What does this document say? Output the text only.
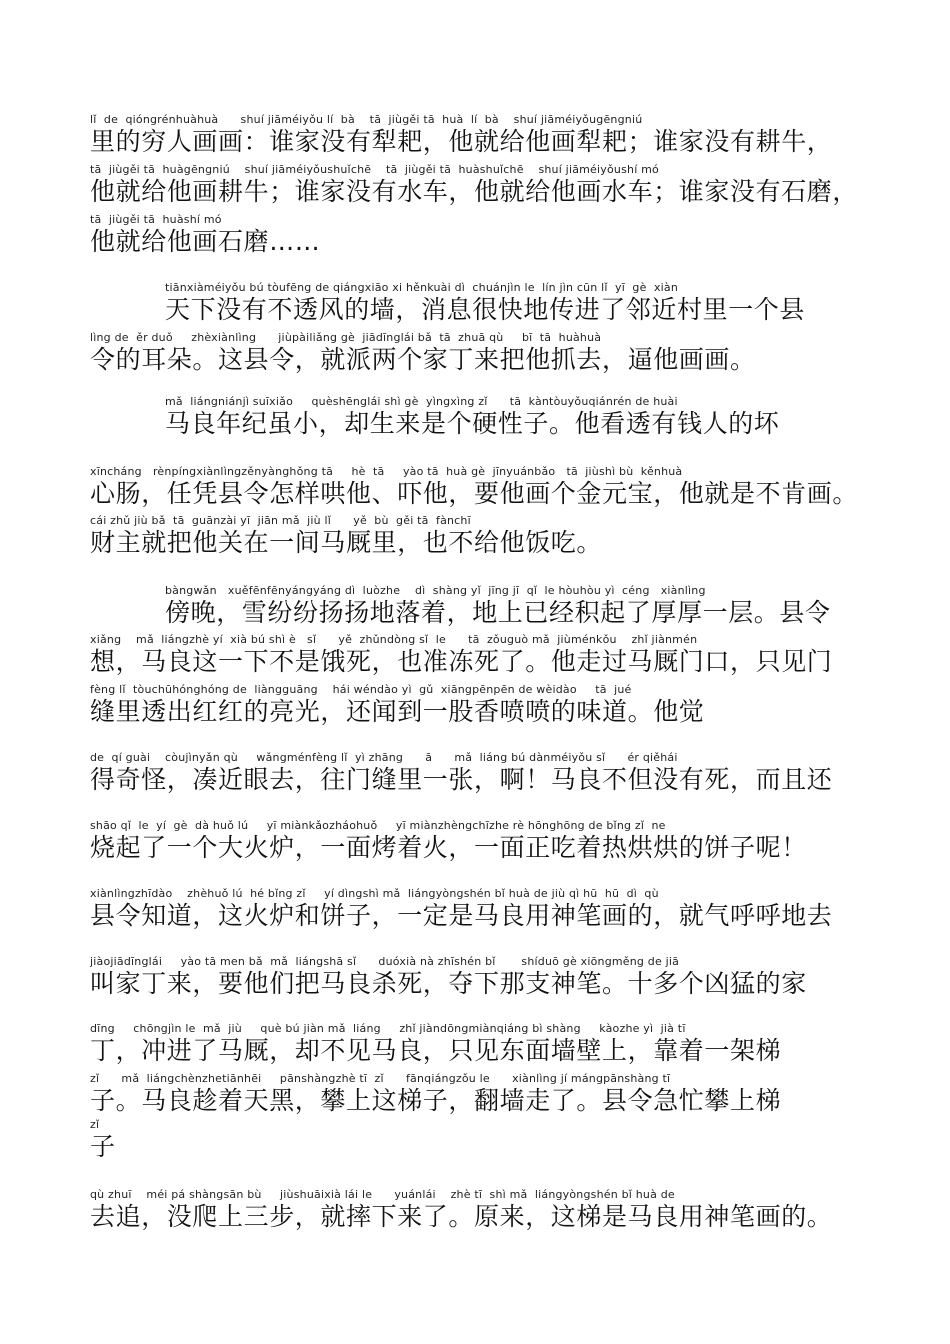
lǐ  de  qióngrénhuàhuà      shuí jiāméiyǒu lí  bà    tā  jiùgěi tā  huà  lí  bà    shuí jiāméiyǒugēngniú
里的穷人画画：谁家没有犁耙，他就给他画犁耙；谁家没有耕牛，
tā  jiùgěi tā  huàgēngniú    shuí jiāméiyǒushuǐchē    tā  jiùgěi tā  huàshuǐchē    shuí jiāméiyǒushí mó
他就给他画耕牛；谁家没有水车，他就给他画水车；谁家没有石磨，
tā  jiùgěi tā  huàshí mó
他就给他画石磨……
tiānxiàméiyǒu bú tòufēng de qiángxiāo xi hěnkuài dì  chuánjìn le  lín jìn cūn lǐ  yī  gè  xiàn
天下没有不透风的墙，消息很快地传进了邻近村里一个县
lìng de  ěr duǒ     zhèxiànlìng      jiùpàiliǎng gè  jiādīnglái bǎ  tā  zhuā qù     bī  tā  huàhuà
令的耳朵。这县令，就派两个家丁来把他抓去，逼他画画。
mǎ  liángniánjì suīxiǎo     quèshēnglái shì gè  yìngxìng zǐ      tā  kàntòuyǒuqiánrén de huài
马良年纪虽小，却生来是个硬性子。他看透有钱人的坏
xīncháng   rènpíngxiànlìngzěnyànghǒng tā     hè  tā     yào tā  huà gè  jīnyuánbǎo   tā  jiùshì bù  kěnhuà
心肠，任凭县令怎样哄他、吓他，要他画个金元宝，他就是不肯画。
cái zhǔ jiù bǎ  tā  guānzài yī  jiān mǎ  jiù lǐ      yě  bù  gěi tā  fànchī
财主就把他关在一间马厩里，也不给他饭吃。
bàngwǎn   xuěfēnfēnyángyáng dì  luòzhe    dì  shàng yǐ  jīng jī  qǐ  le hòuhòu yì  céng   xiànlìng
傍晚，雪纷纷扬扬地落着，地上已经积起了厚厚一层。县令
xiǎng    mǎ  liángzhè yí  xià bú shì è   sǐ      yě  zhǔndòng sǐ  le      tā  zǒuguò mǎ  jiùménkǒu    zhǐ jiànmén
想，马良这一下不是饿死，也准冻死了。他走过马厩门口，只见门
fèng lǐ  tòuchūhónghóng de  liàngguāng    hái wéndào yì  gǔ  xiāngpēnpēn de wèidào     tā  jué
缝里透出红红的亮光，还闻到一股香喷喷的味道。他觉
de  qí guài    còujìnyǎn qù     wǎngménfèng lǐ  yì zhāng      ā      mǎ  liáng bú dànméiyǒu sǐ      ér qiěhái
得奇怪，凑近眼去，往门缝里一张，啊！马良不但没有死，而且还
shāo qǐ  le  yí  gè  dà huǒ lú     yī miànkǎozháohuǒ     yī miànzhèngchīzhe rè hōnghōng de bǐng zǐ  ne
烧起了一个大火炉，一面烤着火，一面正吃着热烘烘的饼子呢！
xiànlìngzhīdào    zhèhuǒ lú  hé bǐng zǐ     yí dìngshì mǎ  liángyòngshén bǐ huà de jiù qì hū  hū  dì  qù
县令知道，这火炉和饼子，一定是马良用神笔画的，就气呼呼地去
jiàojiādīnglái     yào tā men bǎ  mǎ  liángshā sǐ      duóxià nà zhīshén bǐ       shíduō gè xiōngměng de jiā
叫家丁来，要他们把马良杀死，夺下那支神笔。十多个凶猛的家
dīng     chōngjìn le  mǎ  jiù     què bú jiàn mǎ  liáng     zhǐ jiàndōngmiànqiáng bì shàng     kàozhe yì  jià tī
丁，冲进了马厩，却不见马良，只见东面墙壁上，靠着一架梯
zǐ      mǎ  liángchènzhetiānhēi     pānshàngzhè tī  zǐ      fānqiángzǒu le      xiànlìng jí mángpānshàng tī
子。马良趁着天黑，攀上这梯子，翻墙走了。县令急忙攀上梯
zǐ
子
qù zhuī    méi pá shàngsān bù     jiùshuāixià lái le      yuánlái    zhè tī  shì mǎ  liángyòngshén bǐ huà de
去追，没爬上三步，就摔下来了。原来，这梯是马良用神笔画的。
